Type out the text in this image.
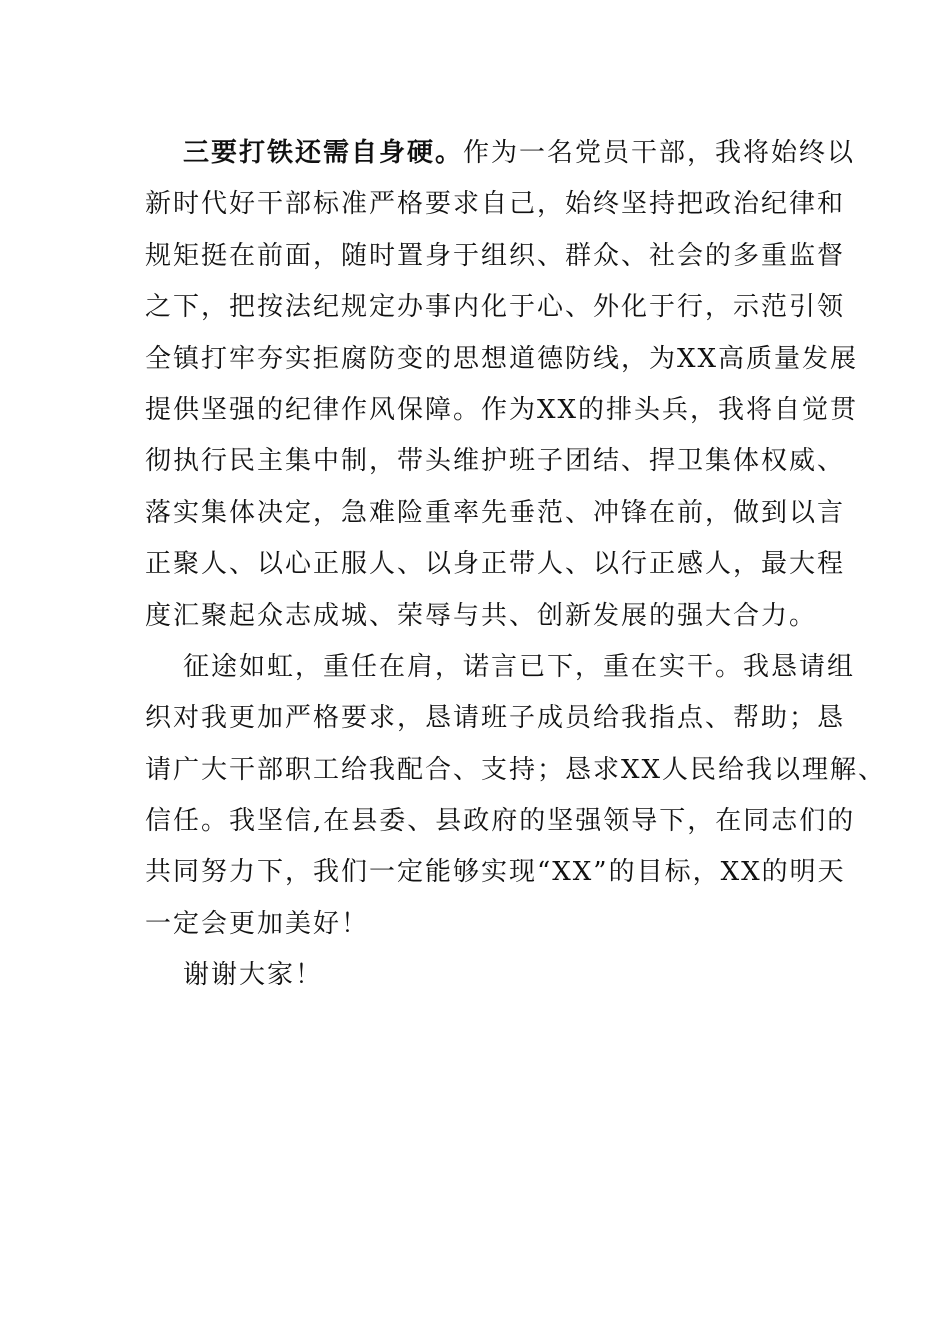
三要打铁还需自身硬。作为一名党员干部，我将始终以
新时代好干部标准严格要求自己，始终坚持把政治纪律和
规矩挺在前面，随时置身于组织、群众、社会的多重监督
之下，把按法纪规定办事内化于心、外化于行，示范引领
全镇打牢夯实拒腐防变的思想道德防线，为XX高质量发展
提供坚强的纪律作风保障。作为XX的排头兵，我将自觉贯
彻执行民主集中制，带头维护班子团结、捍卫集体权威、
落实集体决定，急难险重率先垂范、冲锋在前，做到以言
正聚人、以心正服人、以身正带人、以行正感人，最大程
度汇聚起众志成城、荣辱与共、创新发展的强大合力。
征途如虹，重任在肩，诺言已下，重在实干。我恳请组
织对我更加严格要求，恳请班子成员给我指点、帮助；恳
请广大干部职工给我配合、支持；恳求XX人民给我以理解、
信任。我坚信,在县委、县政府的坚强领导下，在同志们的
共同努力下，我们一定能够实现“XX”的目标，XX的明天
一定会更加美好！
谢谢大家！
